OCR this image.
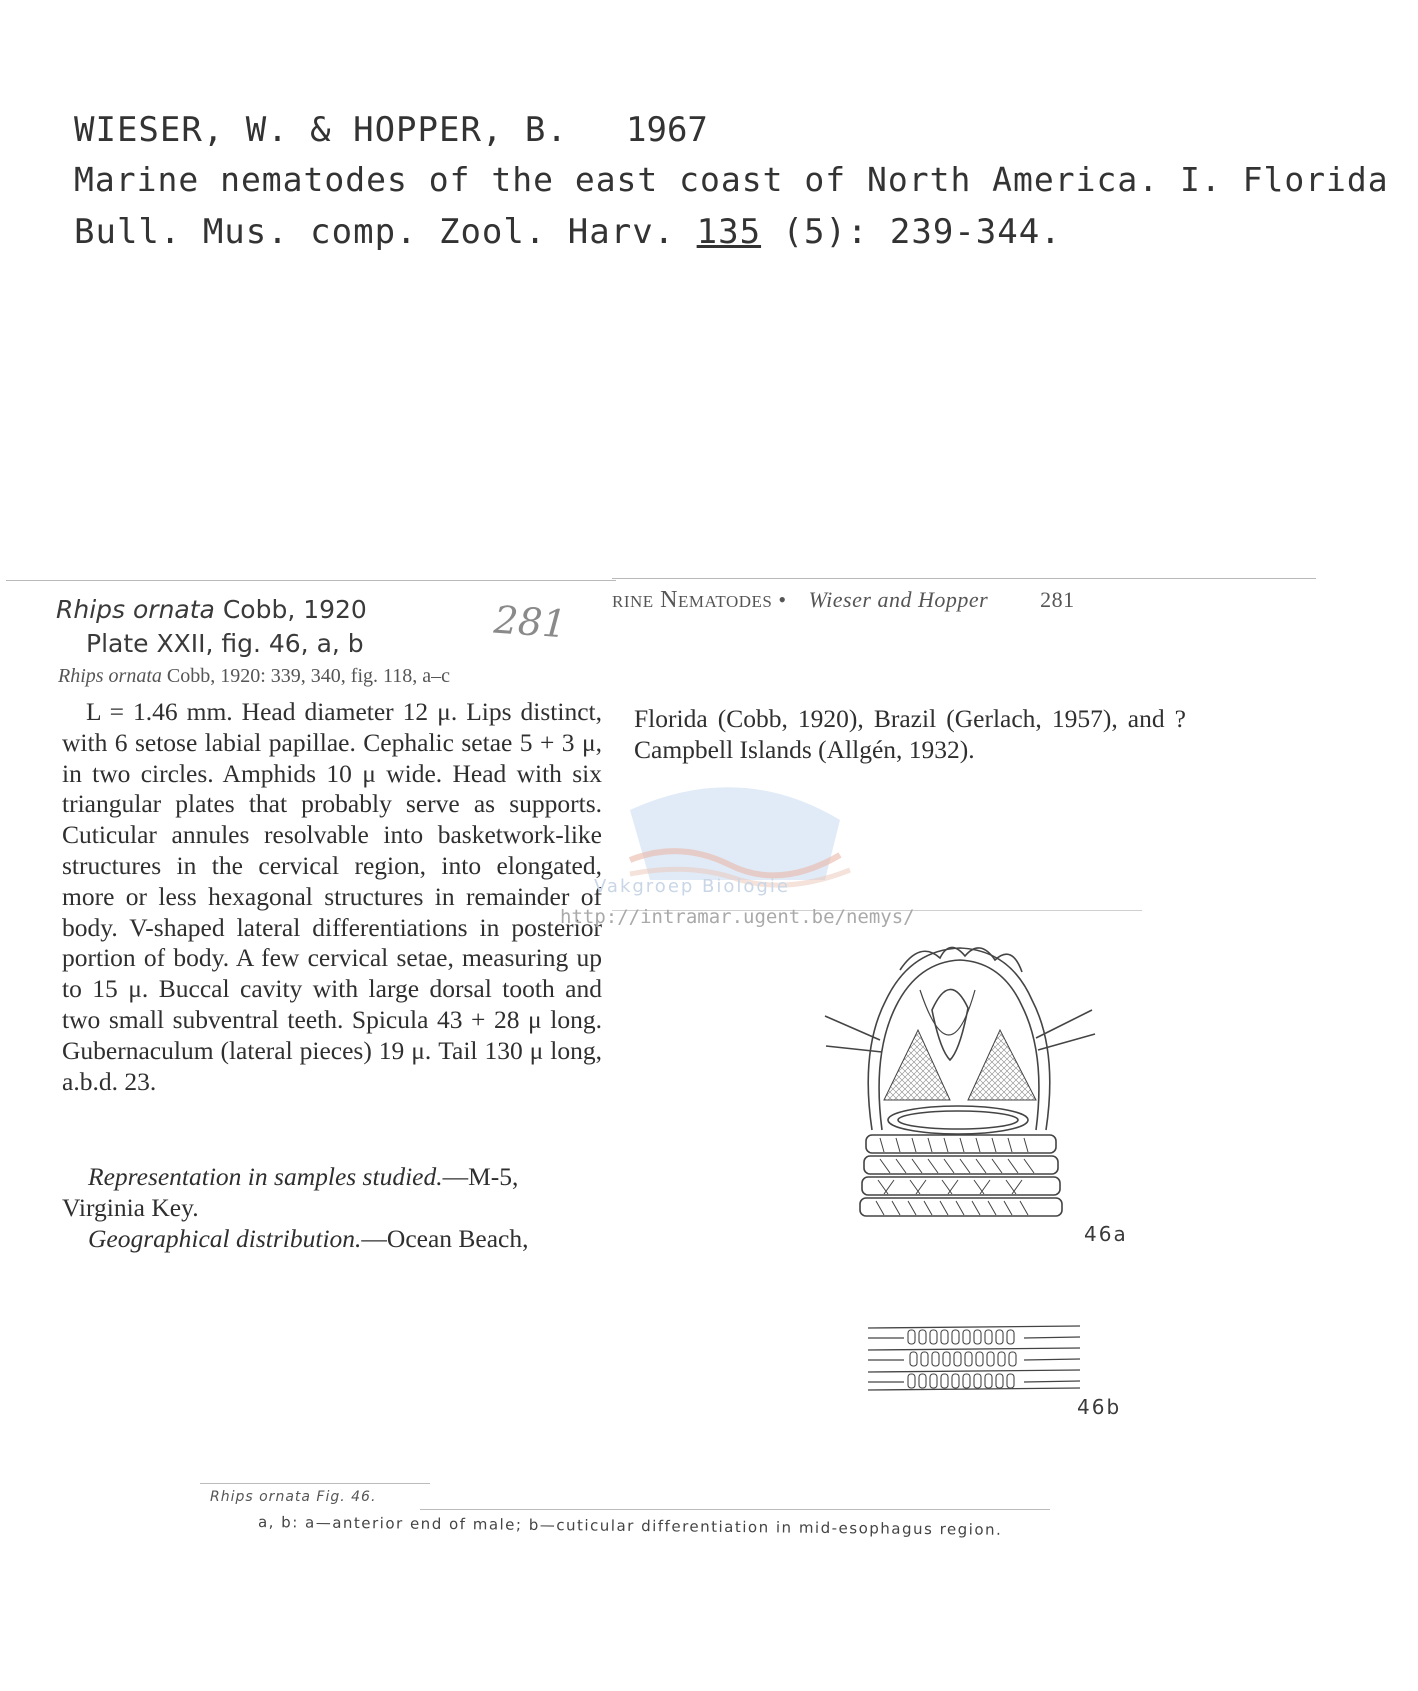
WIESER, W. & HOPPER, B. 1967
Marine nematodes of the east coast of North America. I. Florida
Bull. Mus. comp. Zool. Harv. 135 (5): 239-344.
Rhips ornata Cobb, 1920
Plate XXII, fig. 46, a, b	281
Rhips ornata Cobb, 1920: 339, 340, fig. 118, a–c
L = 1.46 mm. Head diameter 12 μ. Lips distinct, with 6 setose labial papillae. Cephalic setae 5 + 3 μ, in two circles. Amphids 10 μ wide. Head with six triangular plates that probably serve as supports. Cuticular annules resolvable into basketwork-like structures in the cervical region, into elongated, more or less hexagonal structures in remainder of body. V-shaped lateral differentiations in posterior portion of body. A few cervical setae, measuring up to 15 μ. Buccal cavity with large dorsal tooth and two small subventral teeth. Spicula 43 + 28 μ long. Gubernaculum (lateral pieces) 19 μ. Tail 130 μ long, a.b.d. 23.
Representation in samples studied.—M-5, Virginia Key.
Geographical distribution.—Ocean Beach,
rine Nematodes • Wieser and Hopper 281
Florida (Cobb, 1920), Brazil (Gerlach, 1957), and ? Campbell Islands (Allgén, 1932).
Vakgroep Biologie
http://intramar.ugent.be/nemys/
46a
46b
Rhips ornata Fig. 46.
a, b: a—anterior end of male; b—cuticular differentiation in mid-esophagus region.
